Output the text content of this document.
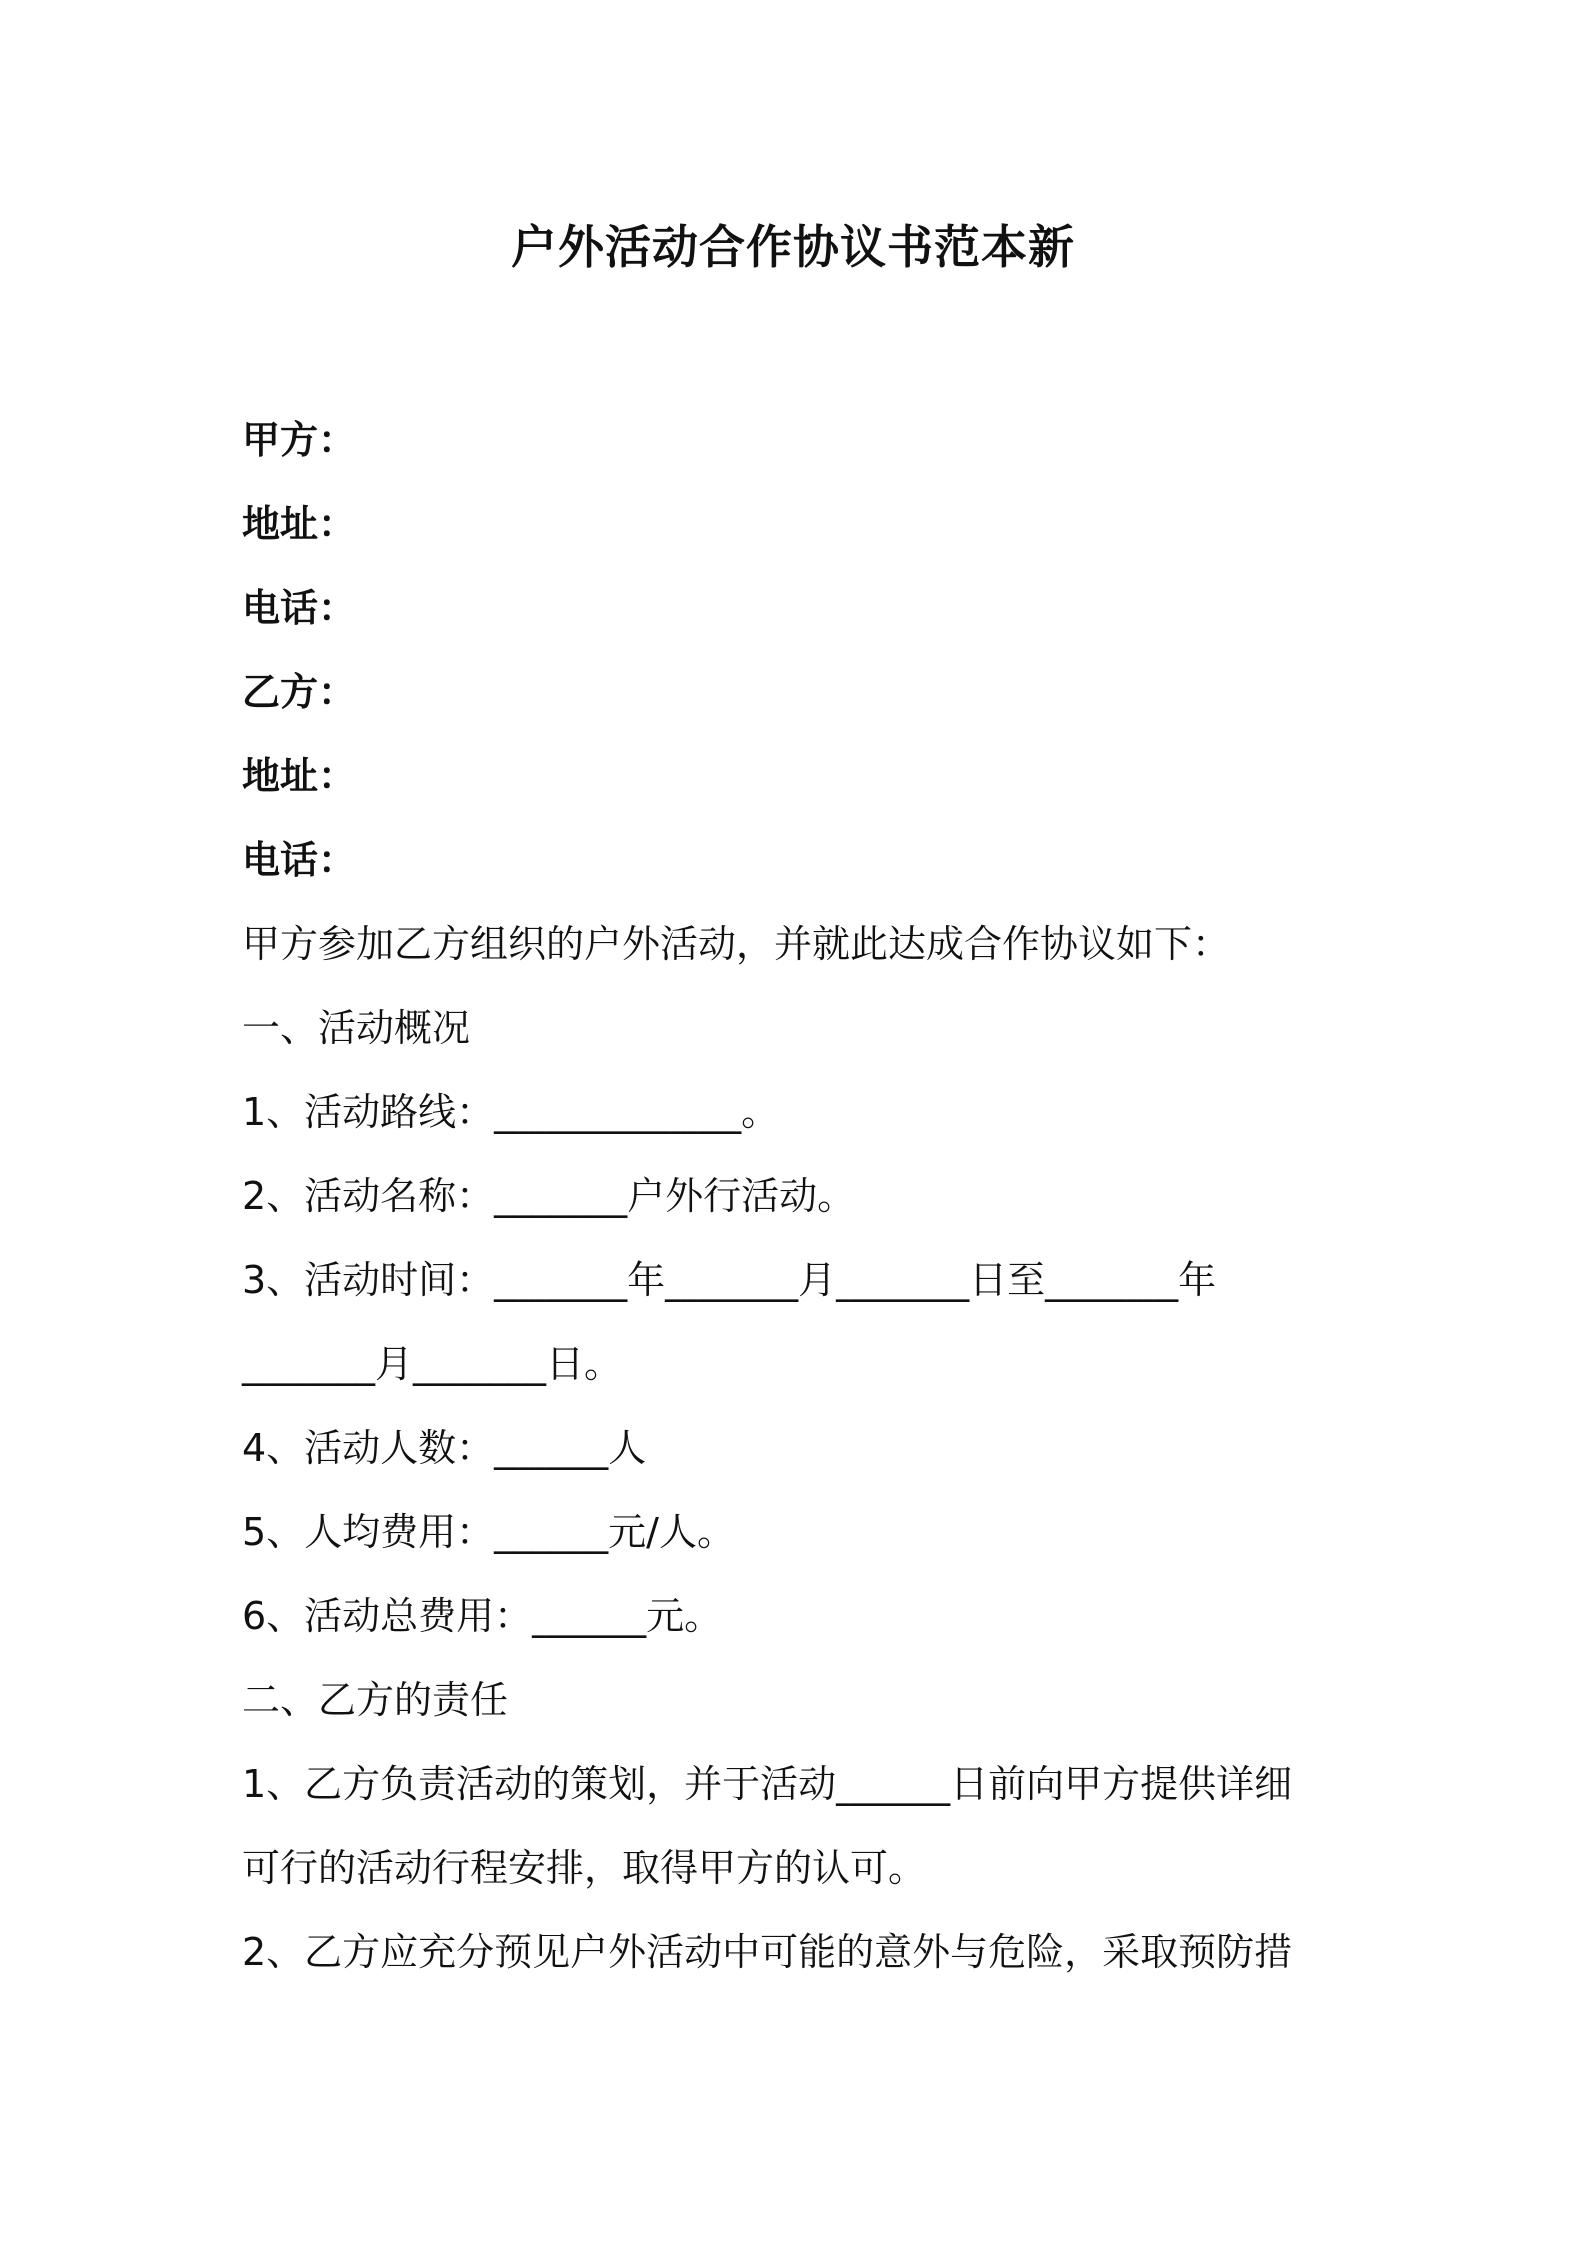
户外活动合作协议书范本新

甲方：

地址：

电话：

乙方：

地址：

电话：

甲方参加乙方组织的户外活动，并就此达成合作协议如下：

一、活动概况

1、活动路线：_____________。

2、活动名称：_______户外行活动。

3、活动时间：_______年_______月_______日至_______年

_______月_______日。

4、活动人数：______人

5、人均费用：______元/人。

6、活动总费用：______元。

二、乙方的责任

1、乙方负责活动的策划，并于活动______日前向甲方提供详细

可行的活动行程安排，取得甲方的认可。

2、乙方应充分预见户外活动中可能的意外与危险，采取预防措
